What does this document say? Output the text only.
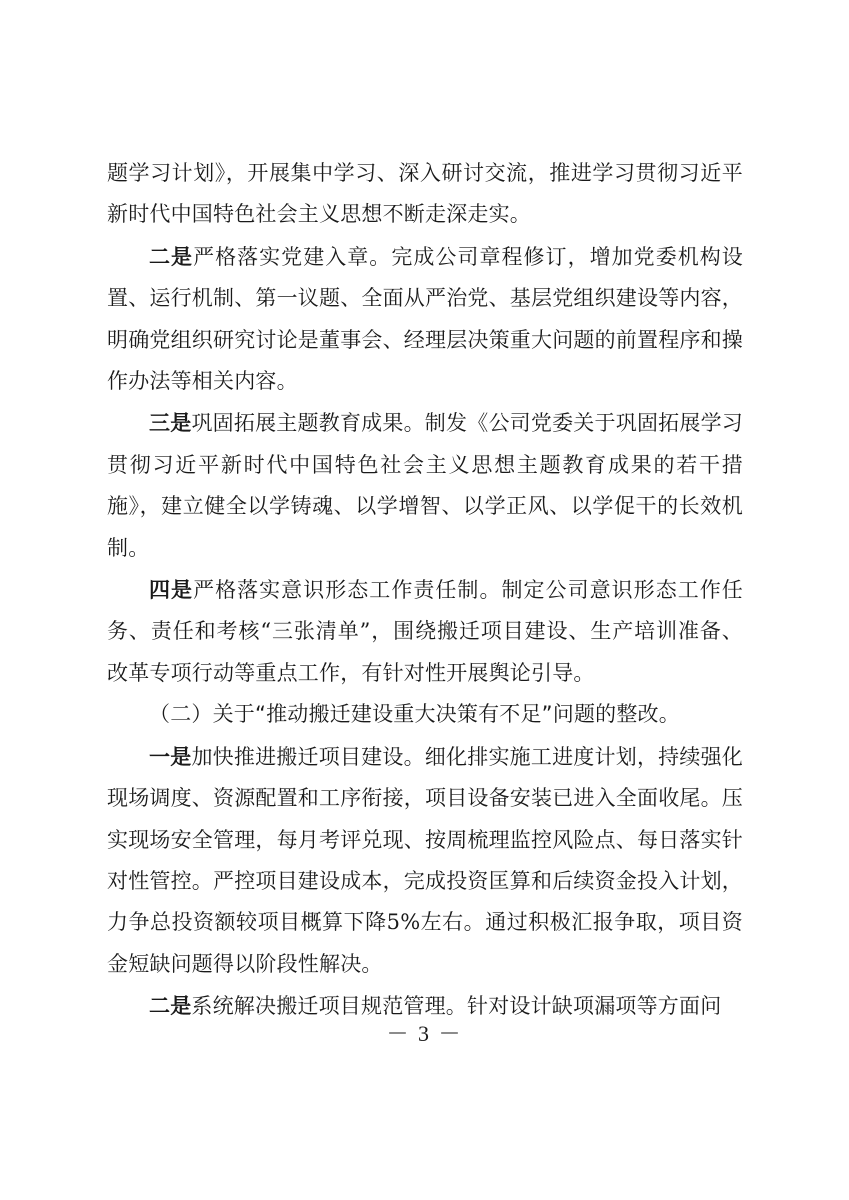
题学习计划》，开展集中学习、深入研讨交流，推进学习贯彻习近平新时代中国特色社会主义思想不断走深走实。

二是严格落实党建入章。完成公司章程修订，增加党委机构设置、运行机制、第一议题、全面从严治党、基层党组织建设等内容，明确党组织研究讨论是董事会、经理层决策重大问题的前置程序和操作办法等相关内容。

三是巩固拓展主题教育成果。制发《公司党委关于巩固拓展学习贯彻习近平新时代中国特色社会主义思想主题教育成果的若干措施》，建立健全以学铸魂、以学增智、以学正风、以学促干的长效机制。

四是严格落实意识形态工作责任制。制定公司意识形态工作任务、责任和考核“三张清单”，围绕搬迁项目建设、生产培训准备、改革专项行动等重点工作，有针对性开展舆论引导。

（二）关于“推动搬迁建设重大决策有不足”问题的整改。

一是加快推进搬迁项目建设。细化排实施工进度计划，持续强化现场调度、资源配置和工序衔接，项目设备安装已进入全面收尾。压实现场安全管理，每月考评兑现、按周梳理监控风险点、每日落实针对性管控。严控项目建设成本，完成投资匡算和后续资金投入计划，力争总投资额较项目概算下降5%左右。通过积极汇报争取，项目资金短缺问题得以阶段性解决。

二是系统解决搬迁项目规范管理。针对设计缺项漏项等方面问

－ 3 －
